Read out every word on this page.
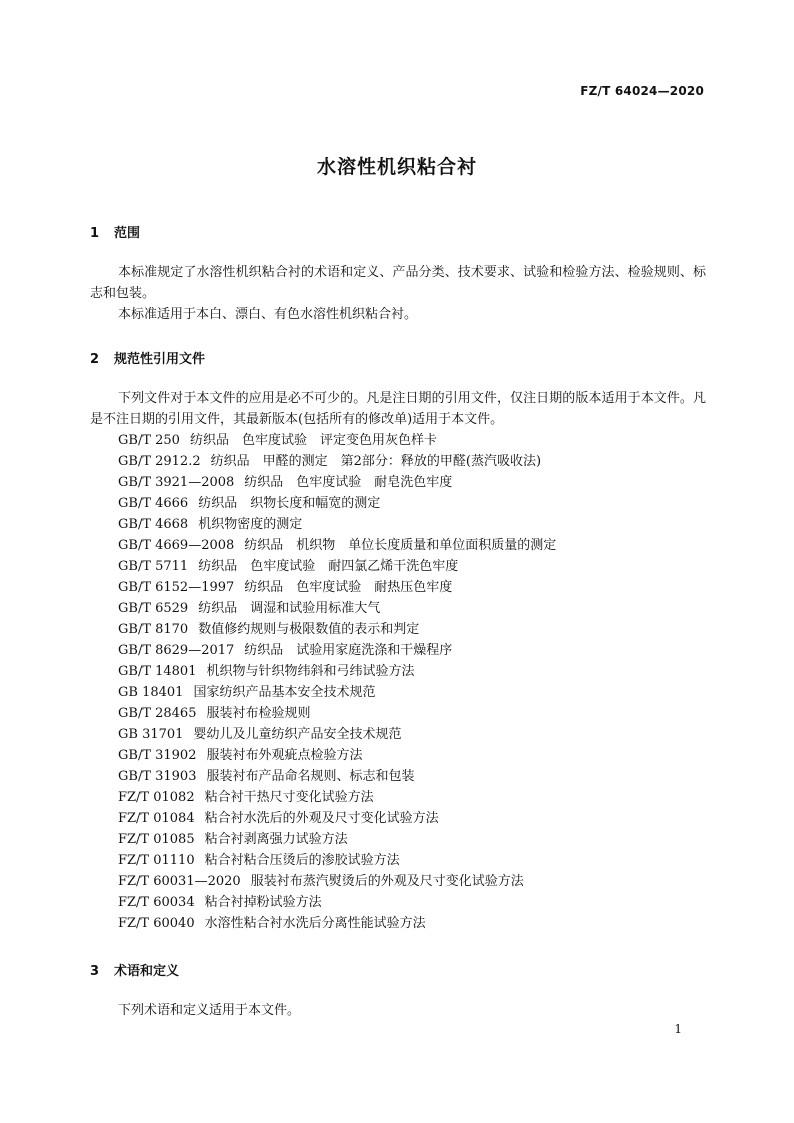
FZ/T 64024—2020
水溶性机织粘合衬
1 范围
本标准规定了水溶性机织粘合衬的术语和定义、产品分类、技术要求、试验和检验方法、检验规则、标志和包装。
本标准适用于本白、漂白、有色水溶性机织粘合衬。
2 规范性引用文件
下列文件对于本文件的应用是必不可少的。凡是注日期的引用文件，仅注日期的版本适用于本文件。凡是不注日期的引用文件，其最新版本(包括所有的修改单)适用于本文件。
GB/T 250 纺织品　色牢度试验　评定变色用灰色样卡
GB/T 2912.2 纺织品　甲醛的测定　第2部分：释放的甲醛(蒸汽吸收法)
GB/T 3921—2008 纺织品　色牢度试验　耐皂洗色牢度
GB/T 4666 纺织品　织物长度和幅宽的测定
GB/T 4668 机织物密度的测定
GB/T 4669—2008 纺织品　机织物　单位长度质量和单位面积质量的测定
GB/T 5711 纺织品　色牢度试验　耐四氯乙烯干洗色牢度
GB/T 6152—1997 纺织品　色牢度试验　耐热压色牢度
GB/T 6529 纺织品　调湿和试验用标准大气
GB/T 8170 数值修约规则与极限数值的表示和判定
GB/T 8629—2017 纺织品　试验用家庭洗涤和干燥程序
GB/T 14801 机织物与针织物纬斜和弓纬试验方法
GB 18401 国家纺织产品基本安全技术规范
GB/T 28465 服装衬布检验规则
GB 31701 婴幼儿及儿童纺织产品安全技术规范
GB/T 31902 服装衬布外观疵点检验方法
GB/T 31903 服装衬布产品命名规则、标志和包装
FZ/T 01082 粘合衬干热尺寸变化试验方法
FZ/T 01084 粘合衬水洗后的外观及尺寸变化试验方法
FZ/T 01085 粘合衬剥离强力试验方法
FZ/T 01110 粘合衬粘合压烫后的渗胶试验方法
FZ/T 60031—2020 服装衬布蒸汽熨烫后的外观及尺寸变化试验方法
FZ/T 60034 粘合衬掉粉试验方法
FZ/T 60040 水溶性粘合衬水洗后分离性能试验方法
3 术语和定义
下列术语和定义适用于本文件。
1
